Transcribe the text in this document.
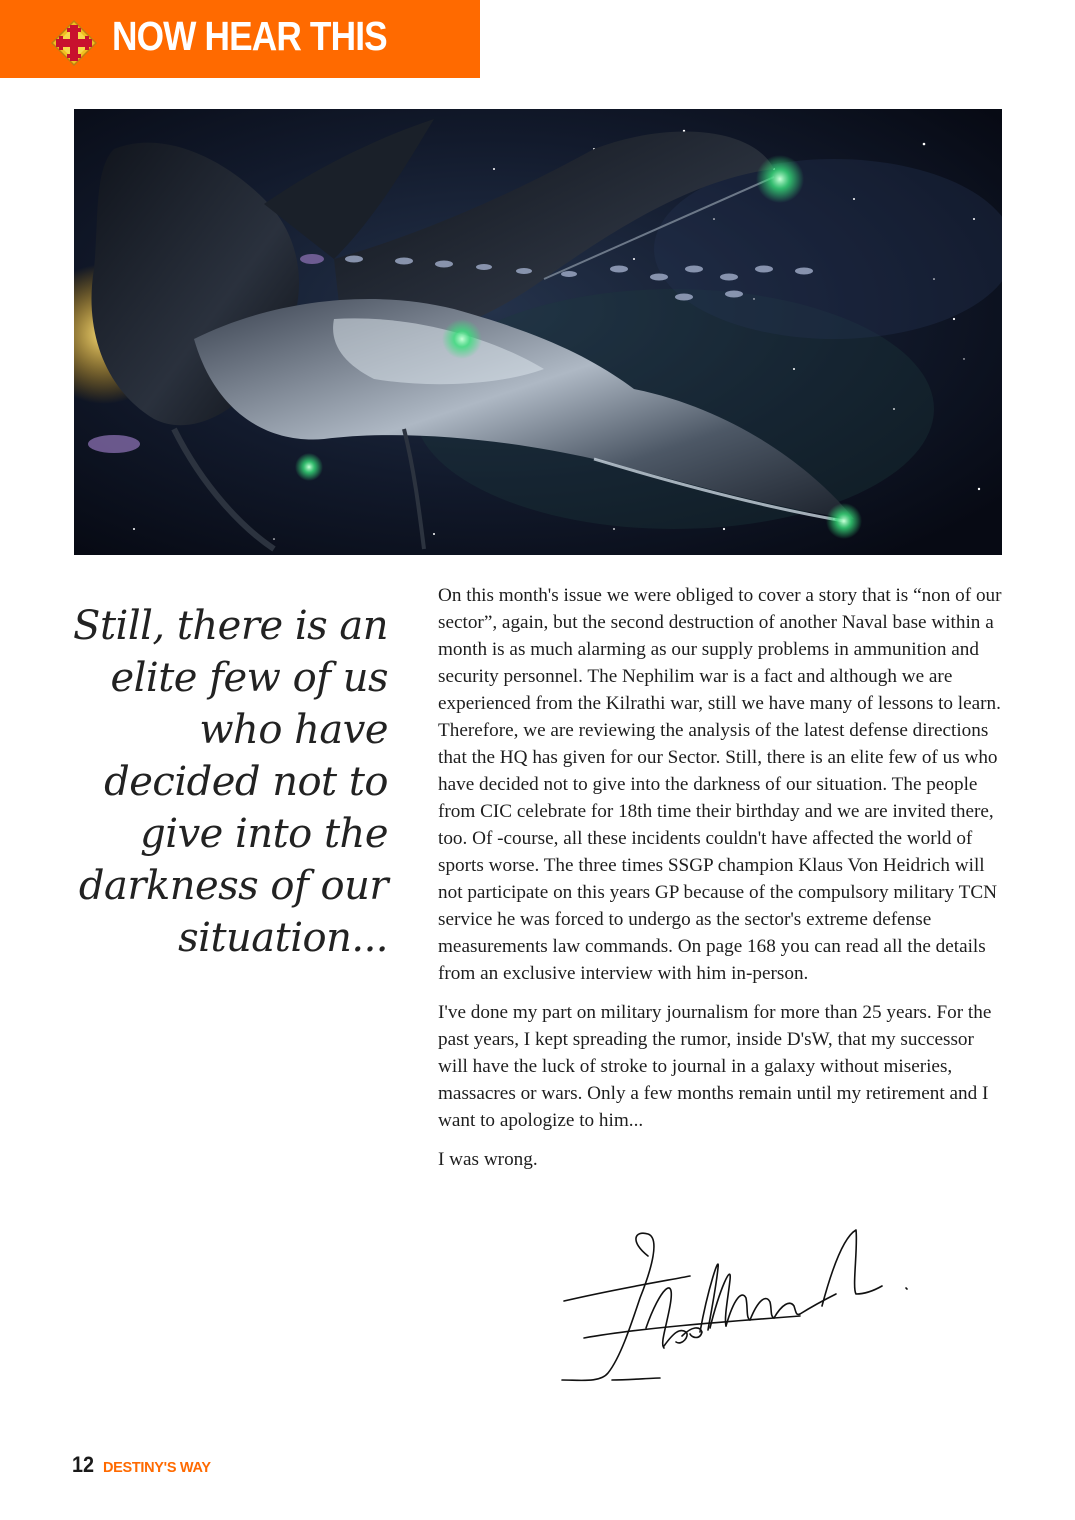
NOW HEAR THIS
Still, there is an elite few of us who have decided not to give into the darkness of our situation...

On this month's issue we were obliged to cover a story that is “non of our sector”, again, but the second destruction of another Naval base within a month is as much alarming as our supply problems in ammunition and security personnel. The Nephilim war is a fact and although we are experienced from the Kilrathi war, still we have many of lessons to learn. Therefore, we are reviewing the analysis of the latest defense directions that the HQ has given for our Sector. Still, there is an elite few of us who have decided not to give into the darkness of our situation. The people from CIC celebrate for 18th time their birthday and we are invited there, too. Of -course, all these incidents couldn't have affected the world of sports worse. The three times SSGP champion Klaus Von Heidrich will not participate on this years GP because of the compulsory military TCN service he was forced to undergo as the sector's extreme defense measurements law commands. On page 168 you can read all the details from an exclusive interview with him in-person.

I've done my part on military journalism for more than 25 years. For the past years, I kept spreading the rumor, inside D'sW, that my successor will have the luck of stroke to journal in a galaxy without miseries, massacres or wars. Only a few months remain until my retirement and I want to apologize to him...

I was wrong.

12 DESTINY'S WAY
